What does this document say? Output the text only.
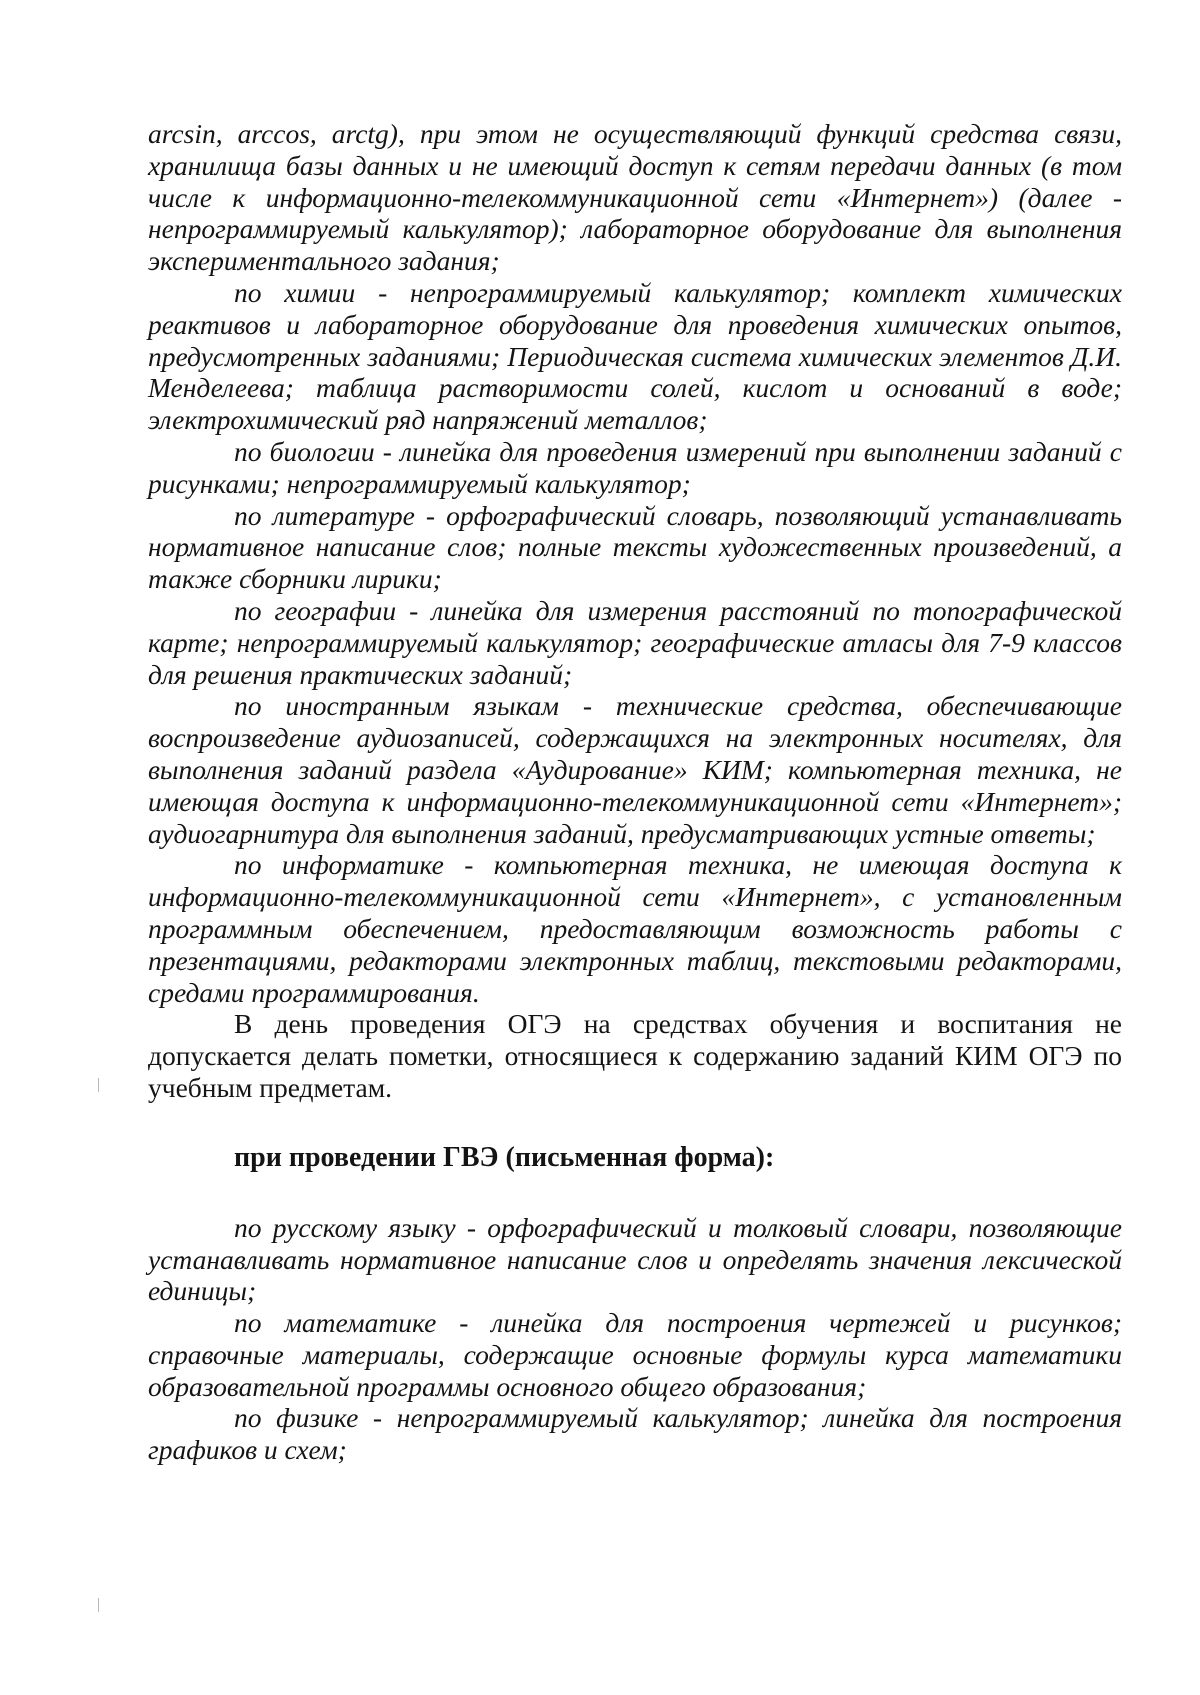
arcsin, arccos, arctg), при этом не осуществляющий функций средства связи, хранилища базы данных и не имеющий доступ к сетям передачи данных (в том числе к информационно-телекоммуникационной сети «Интернет») (далее - непрограммируемый калькулятор); лабораторное оборудование для выполнения экспериментального задания;

по химии - непрограммируемый калькулятор; комплект химических реактивов и лабораторное оборудование для проведения химических опытов, предусмотренных заданиями; Периодическая система химических элементов Д.И. Менделеева; таблица растворимости солей, кислот и оснований в воде; электрохимический ряд напряжений металлов;

по биологии - линейка для проведения измерений при выполнении заданий с рисунками; непрограммируемый калькулятор;

по литературе - орфографический словарь, позволяющий устанавливать нормативное написание слов; полные тексты художественных произведений, а также сборники лирики;

по географии - линейка для измерения расстояний по топографической карте; непрограммируемый калькулятор; географические атласы для 7-9 классов для решения практических заданий;

по иностранным языкам - технические средства, обеспечивающие воспроизведение аудиозаписей, содержащихся на электронных носителях, для выполнения заданий раздела «Аудирование» КИМ; компьютерная техника, не имеющая доступа к информационно-телекоммуникационной сети «Интернет»; аудиогарнитура для выполнения заданий, предусматривающих устные ответы;

по информатике - компьютерная техника, не имеющая доступа к информационно-телекоммуникационной сети «Интернет», с установленным программным обеспечением, предоставляющим возможность работы с презентациями, редакторами электронных таблиц, текстовыми редакторами, средами программирования.

В день проведения ОГЭ на средствах обучения и воспитания не допускается делать пометки, относящиеся к содержанию заданий КИМ ОГЭ по учебным предметам.

при проведении ГВЭ (письменная форма):

по русскому языку - орфографический и толковый словари, позволяющие устанавливать нормативное написание слов и определять значения лексической единицы;

по математике - линейка для построения чертежей и рисунков; справочные материалы, содержащие основные формулы курса математики образовательной программы основного общего образования;

по физике - непрограммируемый калькулятор; линейка для построения графиков и схем;
